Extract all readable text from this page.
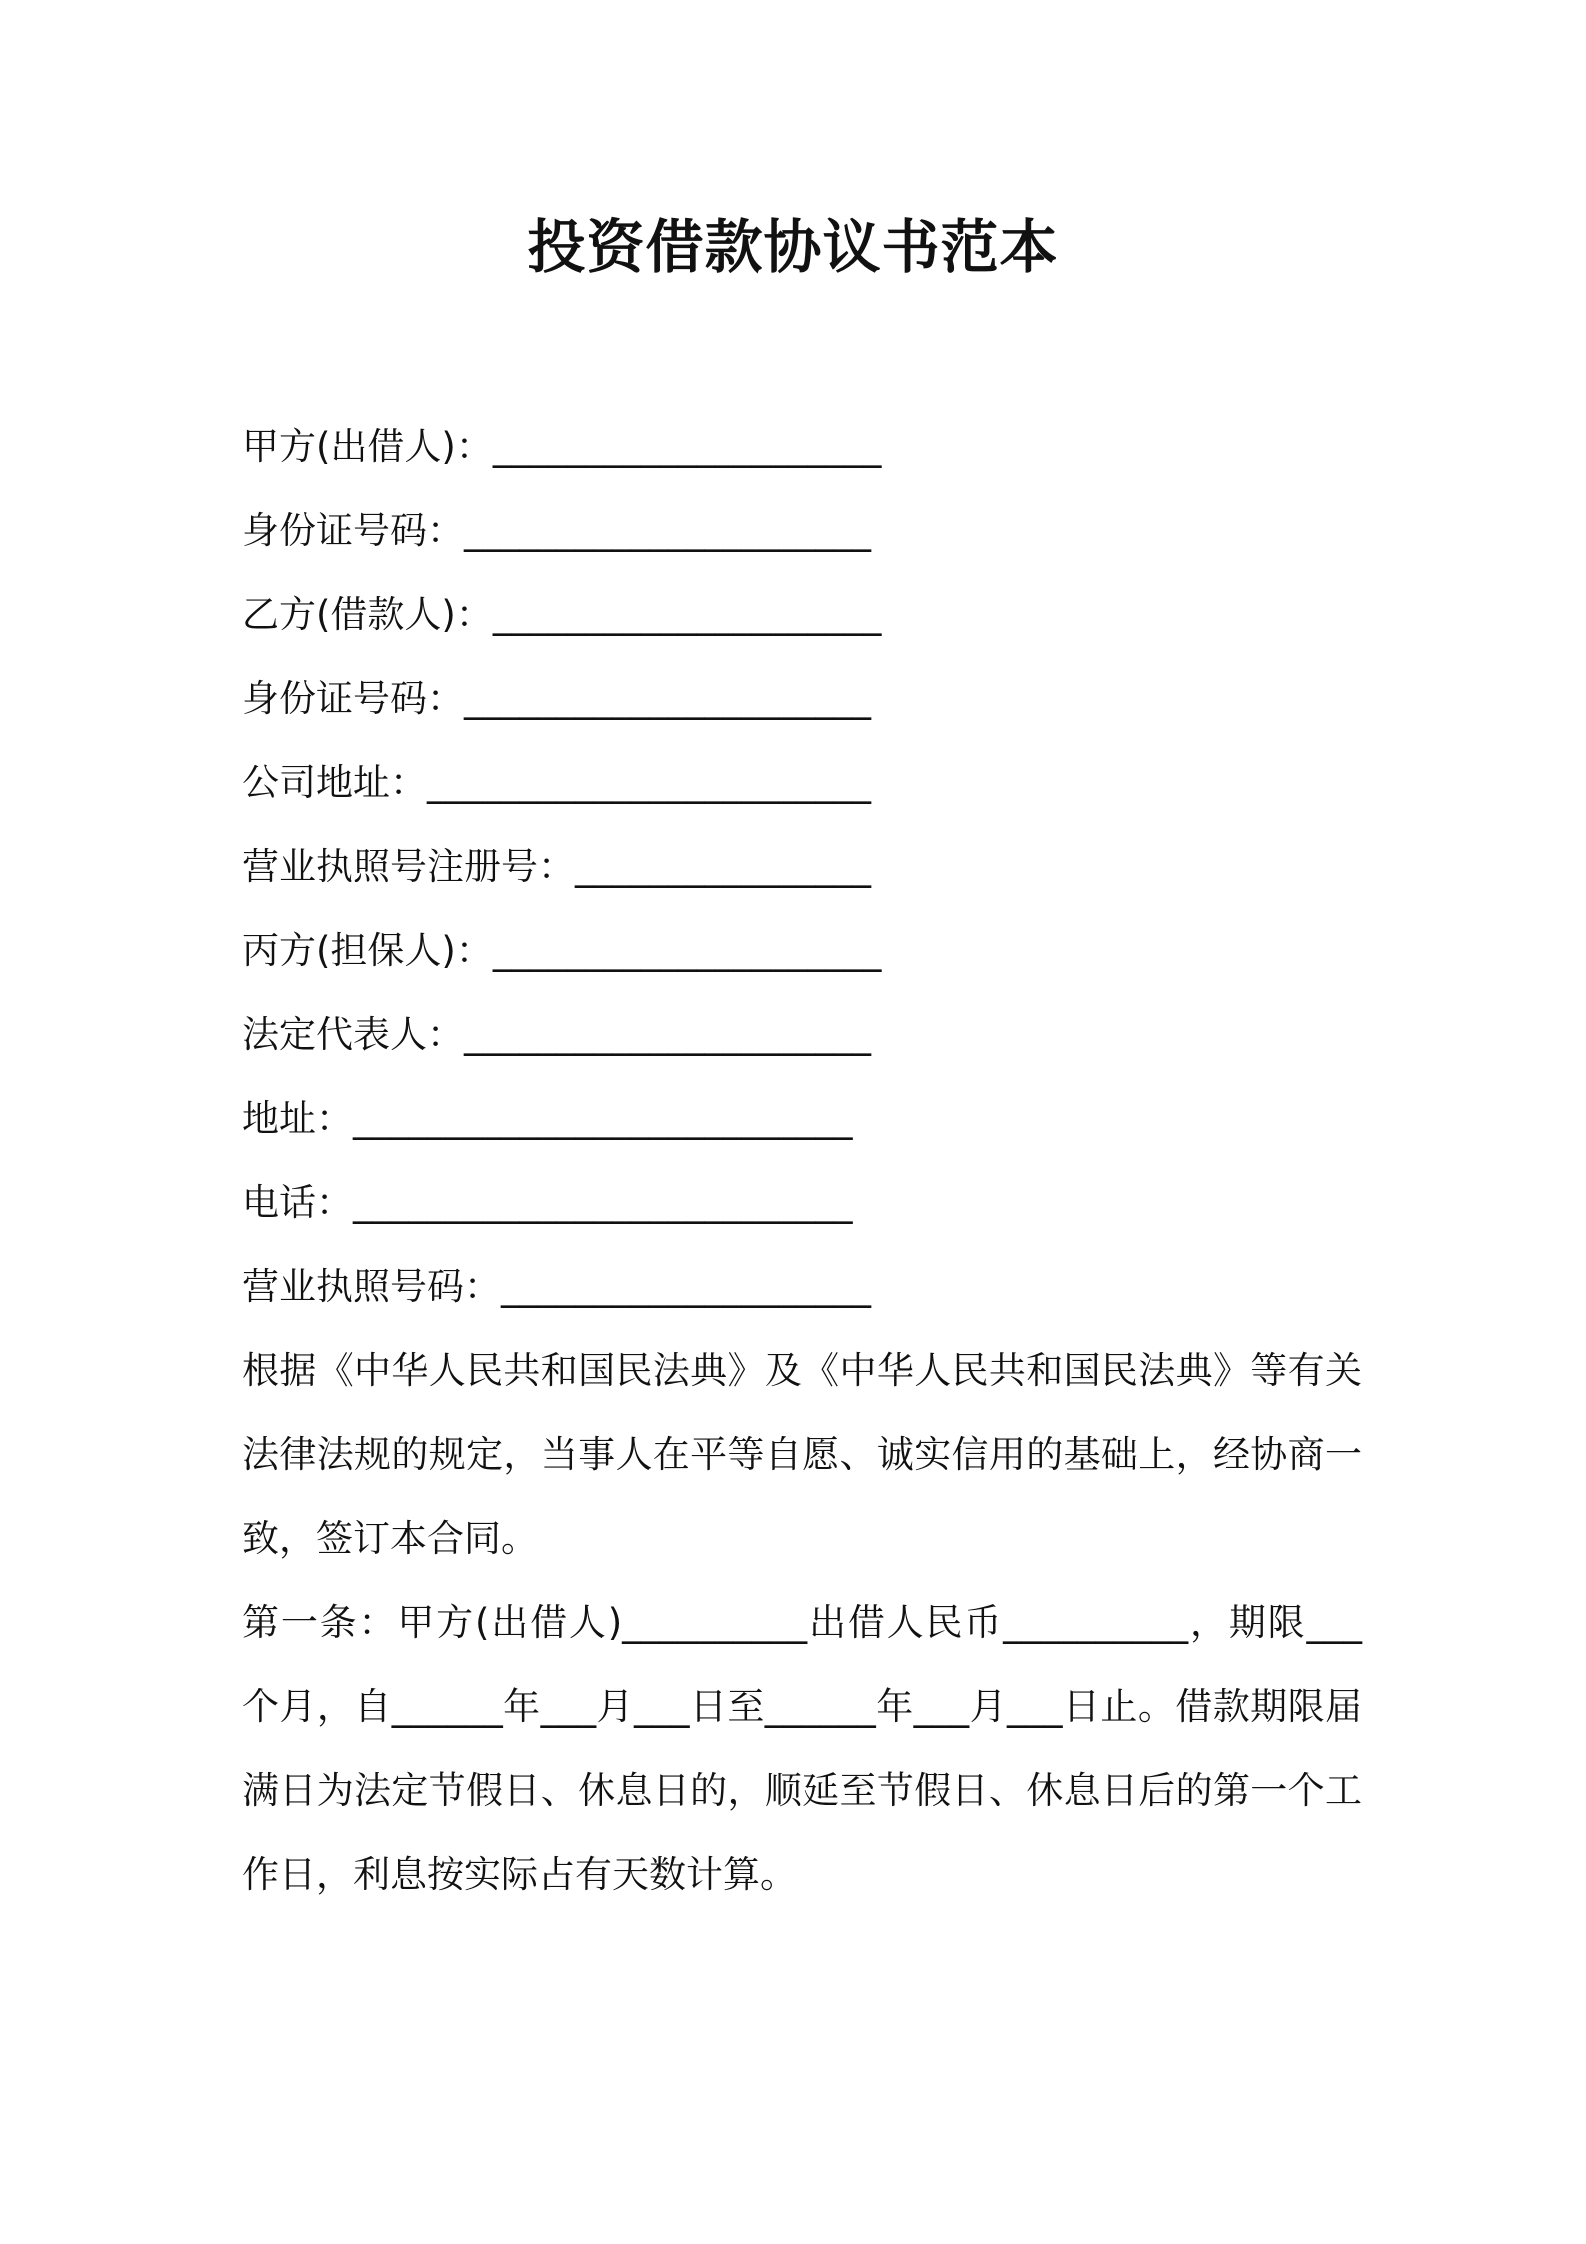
投资借款协议书范本
甲方(出借人)：_____________________
身份证号码：______________________
乙方(借款人)：_____________________
身份证号码：______________________
公司地址：________________________
营业执照号注册号：________________
丙方(担保人)：_____________________
法定代表人：______________________
地址：___________________________
电话：___________________________
营业执照号码：____________________

根据《中华人民共和国民法典》及《中华人民共和国民法典》等有关法律法规的规定，当事人在平等自愿、诚实信用的基础上，经协商一致，签订本合同。

第一条：甲方(出借人)__________出借人民币__________，期限___个月，自______年___月___日至______年___月___日止。借款期限届满日为法定节假日、休息日的，顺延至节假日、休息日后的第一个工作日，利息按实际占有天数计算。
